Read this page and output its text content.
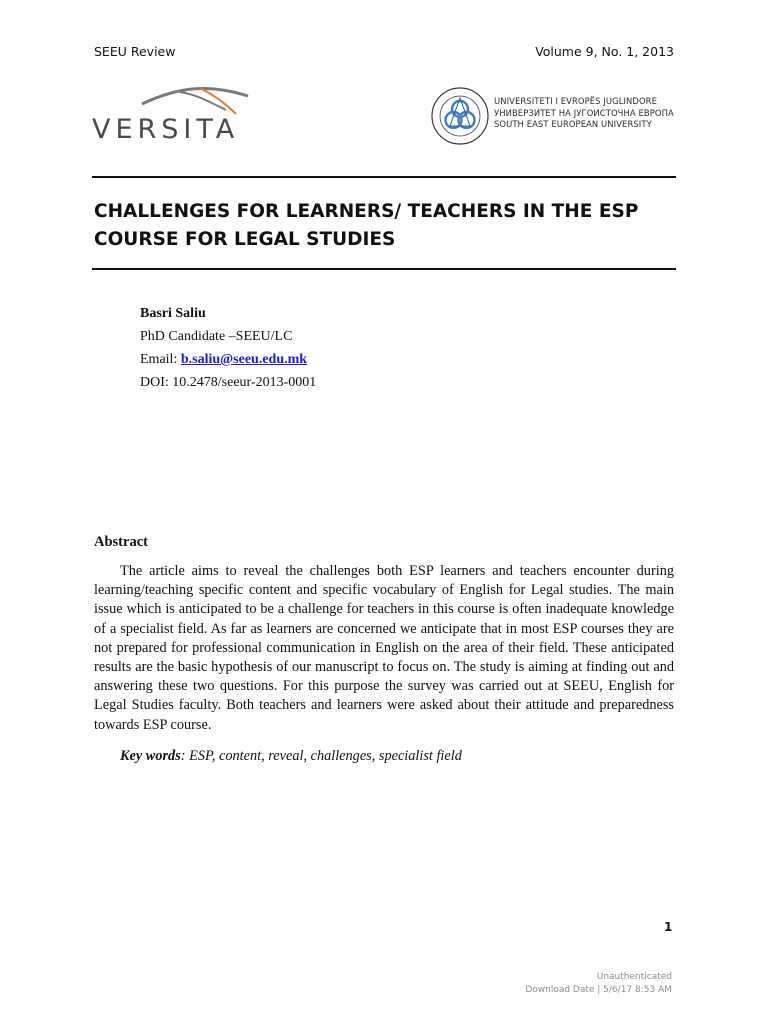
SEEU Review	Volume 9, No. 1, 2013
VERSITA
UNIVERSITETI I EVROPËS JUGLINDORE
УНИВЕРЗИТЕТ НА ЈУГОИСТОЧНА ЕВРОПА
SOUTH EAST EUROPEAN UNIVERSITY
CHALLENGES FOR LEARNERS/ TEACHERS IN THE ESP COURSE FOR LEGAL STUDIES
Basri Saliu
PhD Candidate –SEEU/LC
Email: b.saliu@seeu.edu.mk
DOI: 10.2478/seeur-2013-0001
Abstract

The article aims to reveal the challenges both ESP learners and teachers encounter during learning/teaching specific content and specific vocabulary of English for Legal studies. The main issue which is anticipated to be a challenge for teachers in this course is often inadequate knowledge of a specialist field. As far as learners are concerned we anticipate that in most ESP courses they are not prepared for professional communication in English on the area of their field. These anticipated results are the basic hypothesis of our manuscript to focus on. The study is aiming at finding out and answering these two questions. For this purpose the survey was carried out at SEEU, English for Legal Studies faculty. Both teachers and learners were asked about their attitude and preparedness towards ESP course.

Key words: ESP, content, reveal, challenges, specialist field
1
Unauthenticated
Download Date | 5/6/17 8:53 AM
